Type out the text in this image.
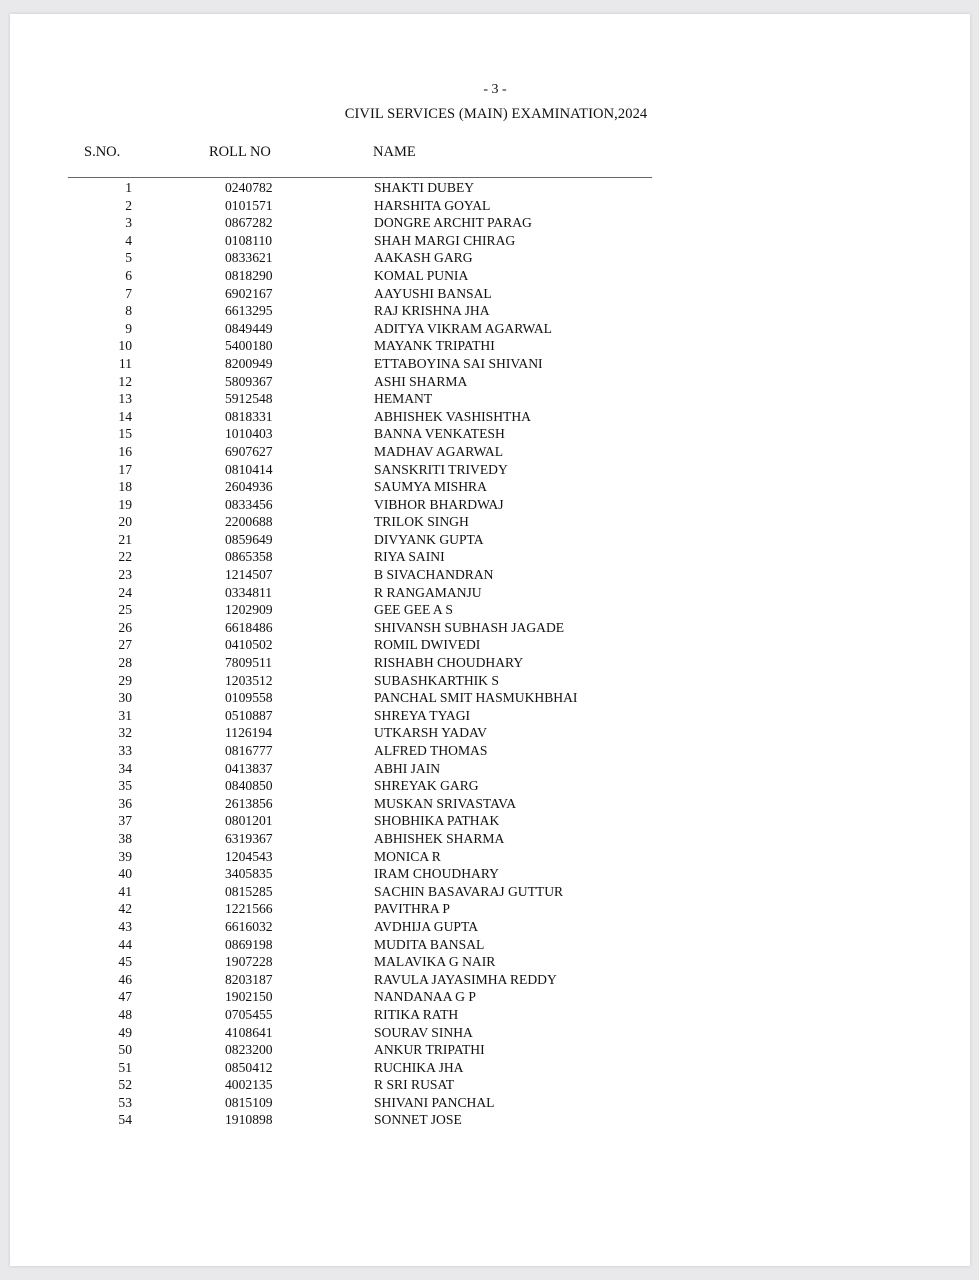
- 3 -
CIVIL SERVICES (MAIN) EXAMINATION,2024
S.NO.	ROLL NO	NAME
1	0240782	SHAKTI DUBEY
2	0101571	HARSHITA GOYAL
3	0867282	DONGRE ARCHIT PARAG
4	0108110	SHAH MARGI CHIRAG
5	0833621	AAKASH GARG
6	0818290	KOMAL PUNIA
7	6902167	AAYUSHI BANSAL
8	6613295	RAJ KRISHNA JHA
9	0849449	ADITYA VIKRAM AGARWAL
10	5400180	MAYANK TRIPATHI
11	8200949	ETTABOYINA SAI SHIVANI
12	5809367	ASHI SHARMA
13	5912548	HEMANT
14	0818331	ABHISHEK VASHISHTHA
15	1010403	BANNA VENKATESH
16	6907627	MADHAV AGARWAL
17	0810414	SANSKRITI TRIVEDY
18	2604936	SAUMYA MISHRA
19	0833456	VIBHOR BHARDWAJ
20	2200688	TRILOK SINGH
21	0859649	DIVYANK GUPTA
22	0865358	RIYA SAINI
23	1214507	B SIVACHANDRAN
24	0334811	R RANGAMANJU
25	1202909	GEE GEE A S
26	6618486	SHIVANSH SUBHASH JAGADE
27	0410502	ROMIL DWIVEDI
28	7809511	RISHABH CHOUDHARY
29	1203512	SUBASHKARTHIK S
30	0109558	PANCHAL SMIT HASMUKHBHAI
31	0510887	SHREYA TYAGI
32	1126194	UTKARSH YADAV
33	0816777	ALFRED THOMAS
34	0413837	ABHI JAIN
35	0840850	SHREYAK GARG
36	2613856	MUSKAN SRIVASTAVA
37	0801201	SHOBHIKA PATHAK
38	6319367	ABHISHEK SHARMA
39	1204543	MONICA R
40	3405835	IRAM CHOUDHARY
41	0815285	SACHIN BASAVARAJ GUTTUR
42	1221566	PAVITHRA P
43	6616032	AVDHIJA GUPTA
44	0869198	MUDITA BANSAL
45	1907228	MALAVIKA G NAIR
46	8203187	RAVULA JAYASIMHA REDDY
47	1902150	NANDANAA G P
48	0705455	RITIKA RATH
49	4108641	SOURAV SINHA
50	0823200	ANKUR TRIPATHI
51	0850412	RUCHIKA JHA
52	4002135	R SRI RUSAT
53	0815109	SHIVANI PANCHAL
54	1910898	SONNET JOSE
